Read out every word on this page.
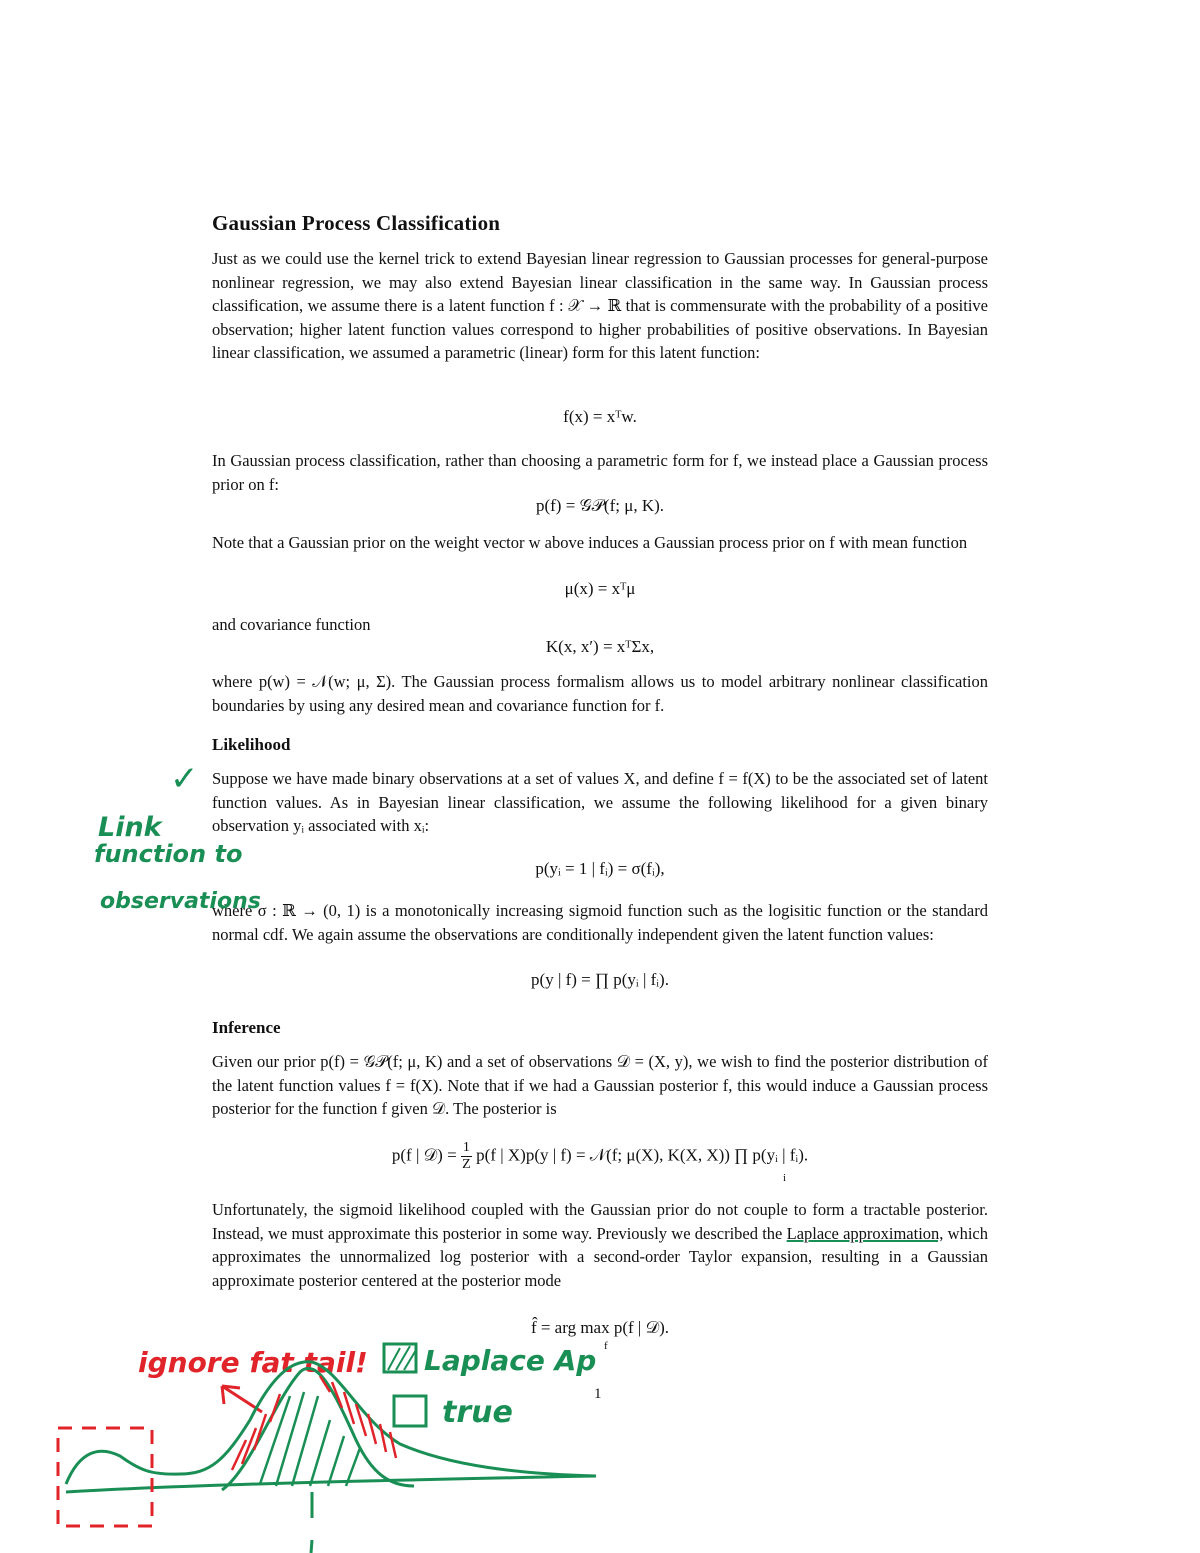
Gaussian Process Classification

Just as we could use the kernel trick to extend Bayesian linear regression to Gaussian processes for general-purpose nonlinear regression, we may also extend Bayesian linear classification in the same way. In Gaussian process classification, we assume there is a latent function f : 𝒳 → ℝ that is commensurate with the probability of a positive observation; higher latent function values correspond to higher probabilities of positive observations. In Bayesian linear classification, we assumed a parametric (linear) form for this latent function:

f(x) = xᵀw.

In Gaussian process classification, rather than choosing a parametric form for f, we instead place a Gaussian process prior on f:

p(f) = 𝒢𝒫(f; μ, K).

Note that a Gaussian prior on the weight vector w above induces a Gaussian process prior on f with mean function

μ(x) = xᵀμ

and covariance function

K(x, x′) = xᵀΣx,

where p(w) = 𝒩(w; μ, Σ). The Gaussian process formalism allows us to model arbitrary nonlinear classification boundaries by using any desired mean and covariance function for f.

Likelihood

Suppose we have made binary observations at a set of values X, and define f = f(X) to be the associated set of latent function values. As in Bayesian linear classification, we assume the following likelihood for a given binary observation yᵢ associated with xᵢ:

p(yᵢ = 1 | fᵢ) = σ(fᵢ),

where σ : ℝ → (0, 1) is a monotonically increasing sigmoid function such as the logisitic function or the standard normal cdf. We again assume the observations are conditionally independent given the latent function values:

p(y | f) = ∏ p(yᵢ | fᵢ).
Inference

Given our prior p(f) = 𝒢𝒫(f; μ, K) and a set of observations 𝒟 = (X, y), we wish to find the posterior distribution of the latent function values f = f(X). Note that if we had a Gaussian posterior f, this would induce a Gaussian process posterior for the function f given 𝒟. The posterior is

p(f | 𝒟) = $\frac{1}{Z} p(f$ | X)p(y | f) = 𝒩(f; μ(X), K(X, X)) ∏ p(yᵢ | fᵢ).
i

Unfortunately, the sigmoid likelihood coupled with the Gaussian prior do not couple to form a tractable posterior. Instead, we must approximate this posterior in some way. Previously we described the Laplace approximation, which approximates the unnormalized log posterior with a second-order Taylor expansion, resulting in a Gaussian approximate posterior centered at the posterior mode

f̂ = arg max p(f | 𝒟).
f
1
✓
Link
function to
observations
ignore fat tail! Laplace Ap
true
